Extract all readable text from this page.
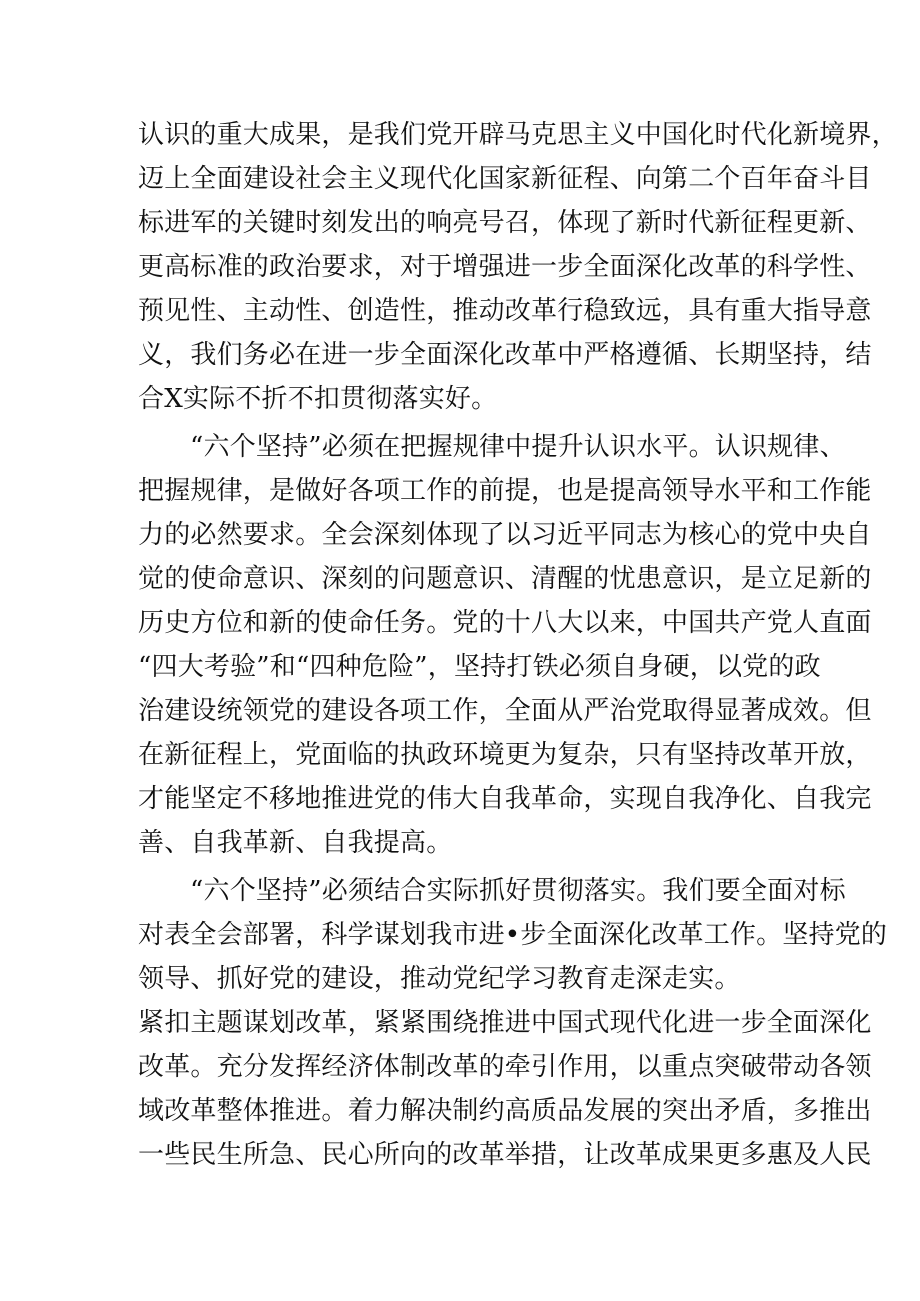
认识的重大成果，是我们党开辟马克思主义中国化时代化新境界，
迈上全面建设社会主义现代化国家新征程、向第二个百年奋斗目
标进军的关键时刻发出的响亮号召，体现了新时代新征程更新、
更高标准的政治要求，对于增强进一步全面深化改革的科学性、
预见性、主动性、创造性，推动改革行稳致远，具有重大指导意
义，我们务必在进一步全面深化改革中严格遵循、长期坚持，结
合X实际不折不扣贯彻落实好。
“六个坚持”必须在把握规律中提升认识水平。认识规律、
把握规律，是做好各项工作的前提，也是提高领导水平和工作能
力的必然要求。全会深刻体现了以习近平同志为核心的党中央自
觉的使命意识、深刻的问题意识、清醒的忧患意识，是立足新的
历史方位和新的使命任务。党的十八大以来，中国共产党人直面
“四大考验”和“四种危险”，坚持打铁必须自身硬，以党的政
治建设统领党的建设各项工作，全面从严治党取得显著成效。但
在新征程上，党面临的执政环境更为复杂，只有坚持改革开放，
才能坚定不移地推进党的伟大自我革命，实现自我净化、自我完
善、自我革新、自我提高。
“六个坚持”必须结合实际抓好贯彻落实。我们要全面对标
对表全会部署，科学谋划我市进•步全面深化改革工作。坚持党的
领导、抓好党的建设，推动党纪学习教育走深走实。
紧扣主题谋划改革，紧紧围绕推进中国式现代化进一步全面深化
改革。充分发挥经济体制改革的牵引作用，以重点突破带动各领
域改革整体推进。着力解决制约高质品发展的突出矛盾，多推出
一些民生所急、民心所向的改革举措，让改革成果更多惠及人民
